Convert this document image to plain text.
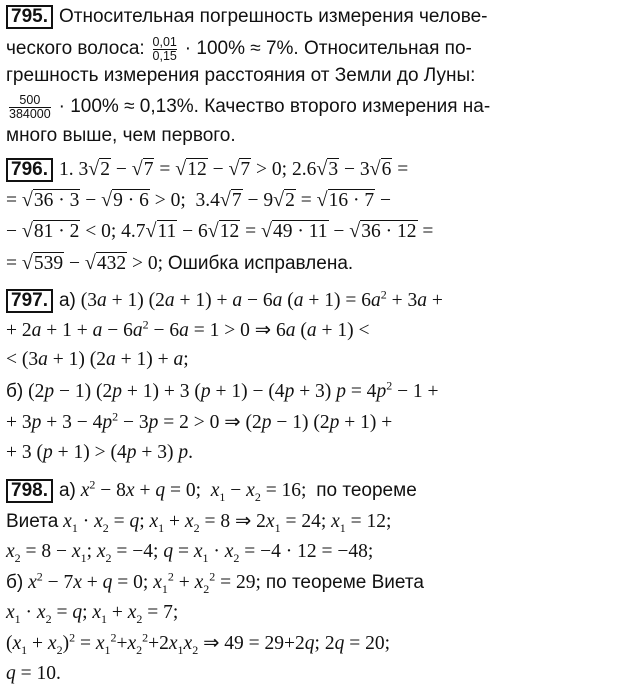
795. Относительная погрешность измерения челове-
ческого волоса: $\frac{0,01}{0,15} \cdot 100\% \approx 7\%$. Относительная по-
грешность измерения расстояния от Земли до Луны:
$\frac{500}{384000} \cdot 100\% \approx 0,13\%$. Качество второго измерения на-
много выше, чем первого.
796. 1. 3√2 − √7 = √12 − √7 > 0; 2.6√3 − 3√6 =
= √36 · 3 − √9 · 6 > 0;  3.4√7 − 9√2 = √16 · 7 −
− √81 · 2 < 0; 4.7√11 − 6√12 = √49 · 11 − √36 · 12 =
= √539 − √432 > 0; Ошибка исправлена.
797. а) (3a + 1) (2a + 1) + a − 6a $(a + 1) = 6a^2 + 3a$ +
+ $2a + 1 + a - 6a^2 - 6a = 1 > 0$ ⇒ 6a (a + 1) <
< (3a + 1) (2a + 1) + a;
б) (2p − 1) (2p + 1) + 3 (p + 1) − (4p + 3) $p = 4p^2 - 1$ +
+ $3p + 3 - 4p^2 - 3p = 2 > 0$ ⇒ (2p − 1) (2p + 1) +
+ 3 (p + 1) > (4p + 3) p.
798. а) $x^2 - 8x + q = 0$;  $x_1 - x_2 = 16$;  по теореме
Виета $x_1 \cdot x_2 = q$; $x_1 + x_2 = 8$ ⇒ $2x_1 = 24$; $x_1 = 12$;
$x_2 = 8 - x_1$; $x_2 = -4$; $q = x_1 \cdot x_2 = -4 \cdot 12 = -48$;
б) $x^2 - 7x + q = 0$; $x_1^2 + x_2^2 = 29$; по теореме Виета
$x_1 \cdot x_2 = q$; $x_1 + x_2 = 7$;
$(x_1 + x_2)^2 = x_1^2+x_2^2+2x_1x_2$ ⇒ 49 = 29+2q; 2q = 20;
q = 10.
